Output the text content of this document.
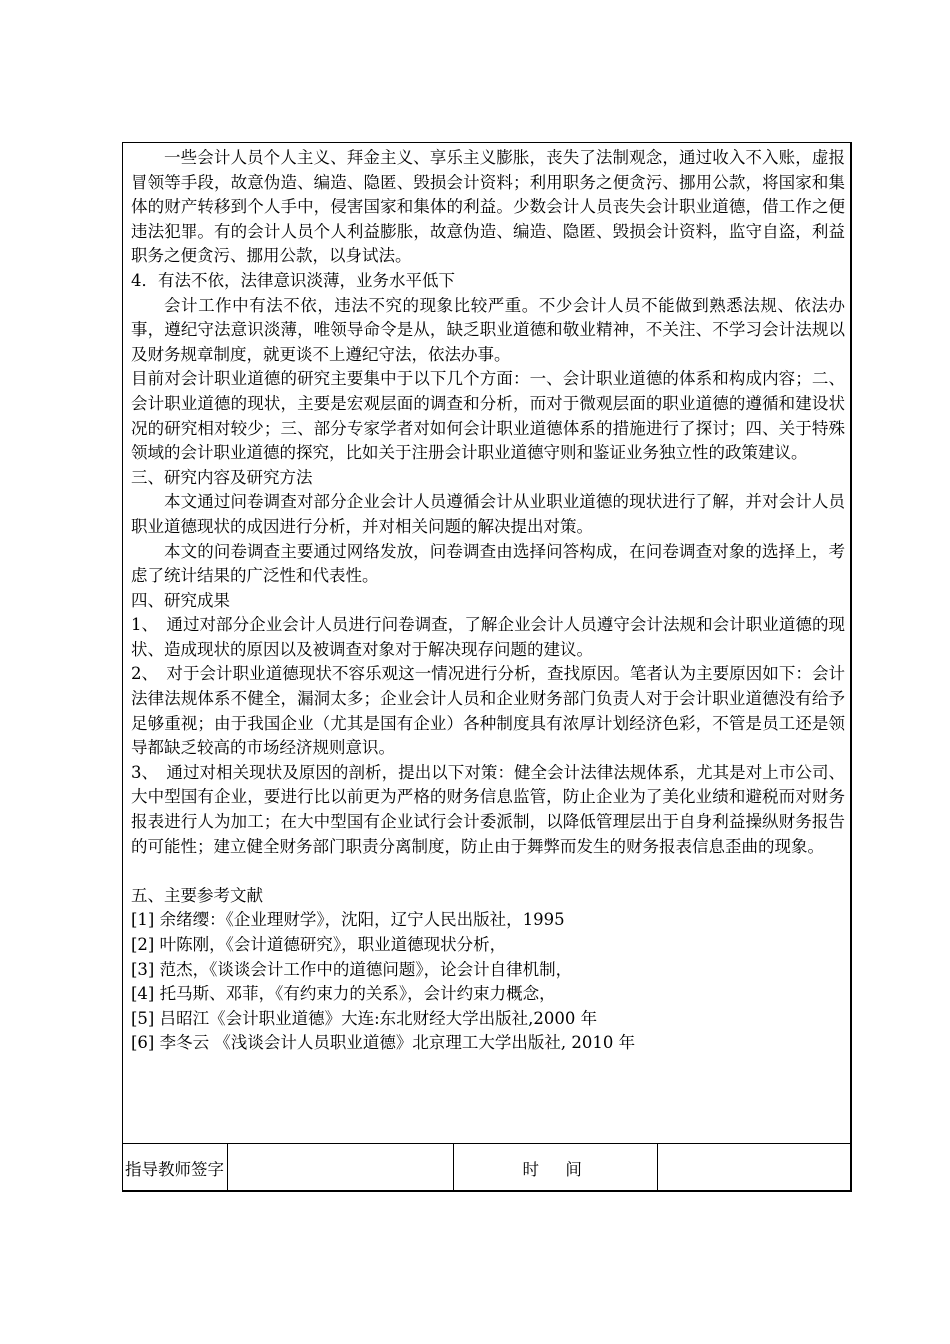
一些会计人员个人主义、拜金主义、享乐主义膨胀，丧失了法制观念，通过收入不入账，虚报冒领等手段，故意伪造、编造、隐匿、毁损会计资料；利用职务之便贪污、挪用公款，将国家和集体的财产转移到个人手中，侵害国家和集体的利益。少数会计人员丧失会计职业道德，借工作之便违法犯罪。有的会计人员个人利益膨胀，故意伪造、编造、隐匿、毁损会计资料，监守自盗，利益职务之便贪污、挪用公款，以身试法。

4．有法不依，法律意识淡薄，业务水平低下

会计工作中有法不依，违法不究的现象比较严重。不少会计人员不能做到熟悉法规、依法办事，遵纪守法意识淡薄，唯领导命令是从，缺乏职业道德和敬业精神，不关注、不学习会计法规以及财务规章制度，就更谈不上遵纪守法，依法办事。

目前对会计职业道德的研究主要集中于以下几个方面：一、会计职业道德的体系和构成内容；二、会计职业道德的现状，主要是宏观层面的调查和分析，而对于微观层面的职业道德的遵循和建设状况的研究相对较少；三、部分专家学者对如何会计职业道德体系的措施进行了探讨；四、关于特殊领域的会计职业道德的探究，比如关于注册会计职业道德守则和鉴证业务独立性的政策建议。

三、研究内容及研究方法

本文通过问卷调查对部分企业会计人员遵循会计从业职业道德的现状进行了解，并对会计人员职业道德现状的成因进行分析，并对相关问题的解决提出对策。

本文的问卷调查主要通过网络发放，问卷调查由选择问答构成，在问卷调查对象的选择上，考虑了统计结果的广泛性和代表性。

四、研究成果

1、　通过对部分企业会计人员进行问卷调查，了解企业会计人员遵守会计法规和会计职业道德的现状、造成现状的原因以及被调查对象对于解决现存问题的建议。

2、　对于会计职业道德现状不容乐观这一情况进行分析，查找原因。笔者认为主要原因如下：会计法律法规体系不健全，漏洞太多；企业会计人员和企业财务部门负责人对于会计职业道德没有给予足够重视；由于我国企业（尤其是国有企业）各种制度具有浓厚计划经济色彩，不管是员工还是领导都缺乏较高的市场经济规则意识。

3、　通过对相关现状及原因的剖析，提出以下对策：健全会计法律法规体系，尤其是对上市公司、大中型国有企业，要进行比以前更为严格的财务信息监管，防止企业为了美化业绩和避税而对财务报表进行人为加工；在大中型国有企业试行会计委派制，以降低管理层出于自身利益操纵财务报告的可能性；建立健全财务部门职责分离制度，防止由于舞弊而发生的财务报表信息歪曲的现象。

五、主要参考文献

[1] 余绪缨：《企业理财学》，沈阳，辽宁人民出版社，1995

[2] 叶陈刚，《会计道德研究》，职业道德现状分析，

[3] 范杰，《谈谈会计工作中的道德问题》，论会计自律机制，

[4] 托马斯、邓菲，《有约束力的关系》，会计约束力概念，

[5] 吕昭江《会计职业道德》大连:东北财经大学出版社,2000 年

[6] 李冬云 《浅谈会计人员职业道德》北京理工大学出版社, 2010 年

指导教师签字	时间
